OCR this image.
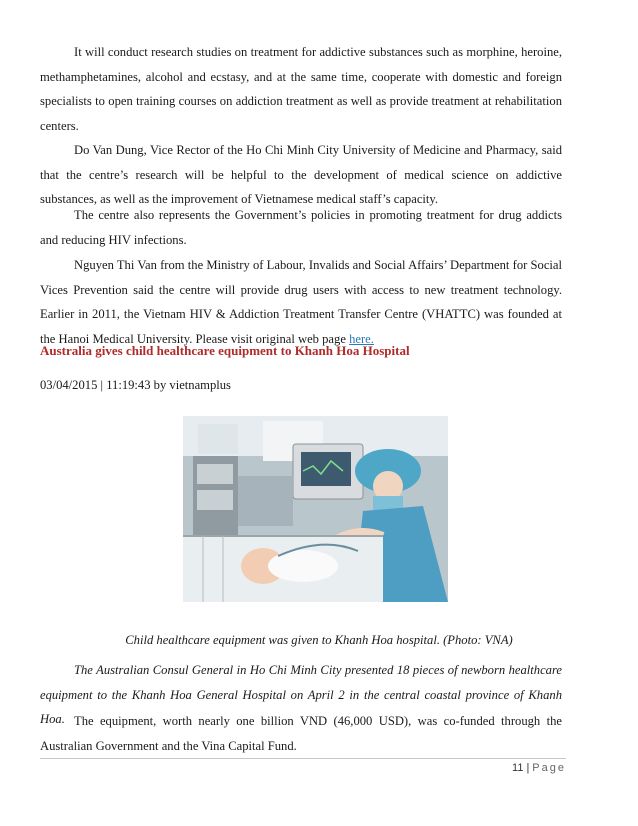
It will conduct research studies on treatment for addictive substances such as morphine, heroine, methamphetamines, alcohol and ecstasy, and at the same time, cooperate with domestic and foreign specialists to open training courses on addiction treatment as well as provide treatment at rehabilitation centers.

Do Van Dung, Vice Rector of the Ho Chi Minh City University of Medicine and Pharmacy, said that the centre’s research will be helpful to the development of medical science on addictive substances, as well as the improvement of Vietnamese medical staff’s capacity.

The centre also represents the Government’s policies in promoting treatment for drug addicts and reducing HIV infections.

Nguyen Thi Van from the Ministry of Labour, Invalids and Social Affairs’ Department for Social Vices Prevention said the centre will provide drug users with access to new treatment technology. Earlier in 2011, the Vietnam HIV & Addiction Treatment Transfer Centre (VHATTC) was founded at the Hanoi Medical University. Please visit original web page here.

Australia gives child healthcare equipment to Khanh Hoa Hospital

03/04/2015 | 11:19:43 by vietnamplus

Child healthcare equipment was given to Khanh Hoa hospital. (Photo: VNA)

The Australian Consul General in Ho Chi Minh City presented 18 pieces of newborn healthcare equipment to the Khanh Hoa General Hospital on April 2 in the central coastal province of Khanh Hoa. The equipment, worth nearly one billion VND (46,000 USD), was co-funded through the Australian Government and the Vina Capital Fund.

11 | Page
